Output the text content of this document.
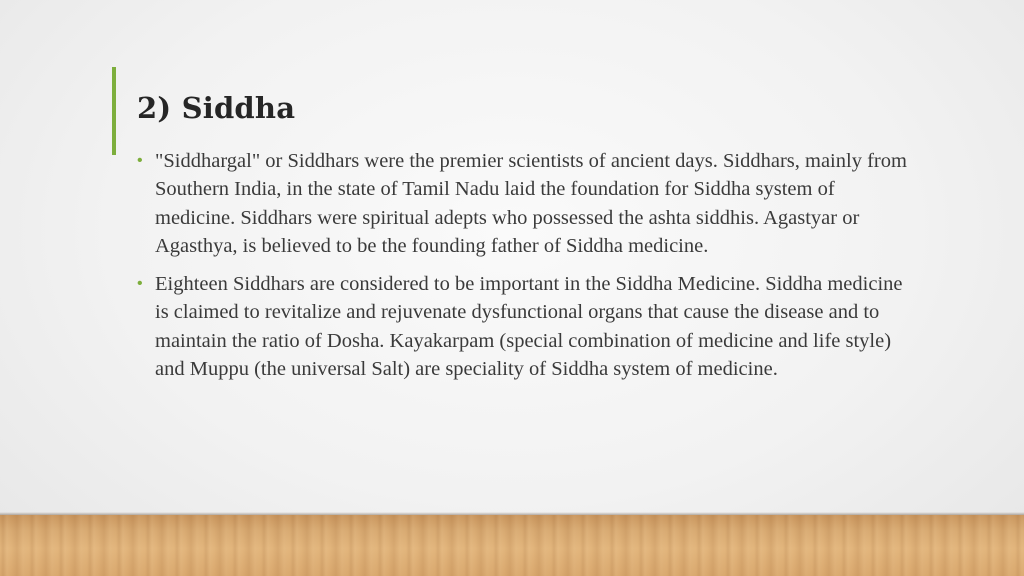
2) Siddha
• "Siddhargal" or Siddhars were the premier scientists of ancient days. Siddhars, mainly from Southern India, in the state of Tamil Nadu laid the foundation for Siddha system of medicine. Siddhars were spiritual adepts who possessed the ashta siddhis. Agastyar or Agasthya, is believed to be the founding father of Siddha medicine.
• Eighteen Siddhars are considered to be important in the Siddha Medicine. Siddha medicine is claimed to revitalize and rejuvenate dysfunctional organs that cause the disease and to maintain the ratio of Dosha. Kayakarpam (special combination of medicine and life style) and Muppu (the universal Salt) are speciality of Siddha system of medicine.
